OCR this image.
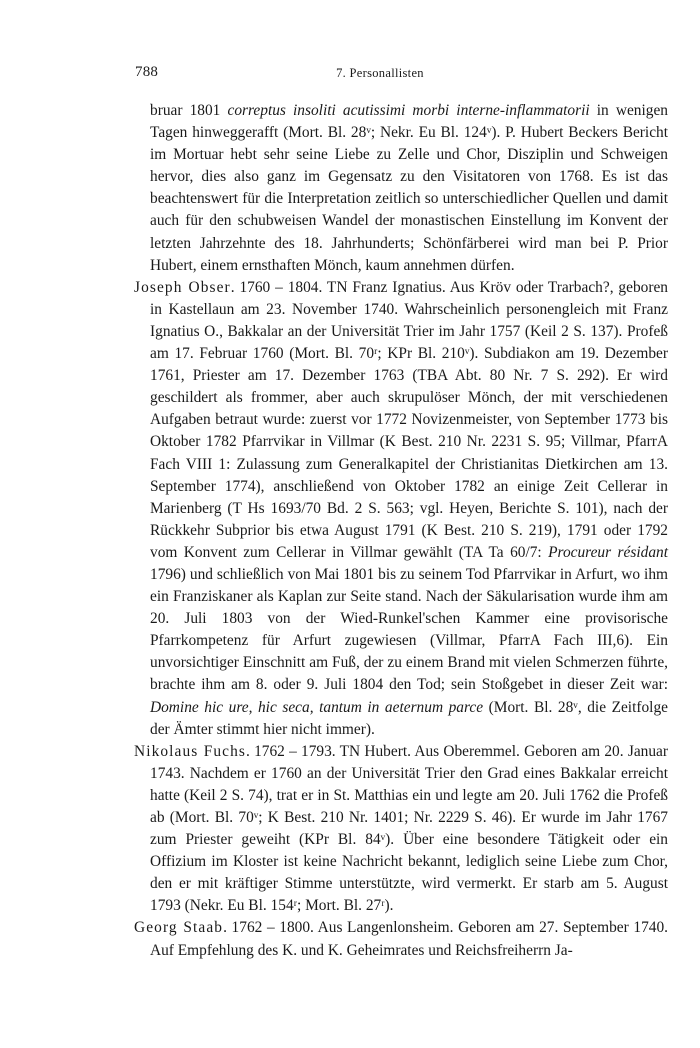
788	7. Personallisten

bruar 1801 correptus insoliti acutissimi morbi interne-inflammatorii in wenigen Tagen hinweggerafft (Mort. Bl. 28ᵛ; Nekr. Eu Bl. 124ᵛ). P. Hubert Beckers Bericht im Mortuar hebt sehr seine Liebe zu Zelle und Chor, Disziplin und Schweigen hervor, dies also ganz im Gegensatz zu den Visitatoren von 1768. Es ist das beachtenswert für die Interpretation zeitlich so unterschiedlicher Quellen und damit auch für den schubweisen Wandel der monastischen Einstellung im Konvent der letzten Jahrzehnte des 18. Jahrhunderts; Schönfärberei wird man bei P. Prior Hubert, einem ernsthaften Mönch, kaum annehmen dürfen.

Joseph Obser. 1760 – 1804. TN Franz Ignatius. Aus Kröv oder Trarbach?, geboren in Kastellaun am 23. November 1740. Wahrscheinlich personengleich mit Franz Ignatius O., Bakkalar an der Universität Trier im Jahr 1757 (Keil 2 S. 137). Profeß am 17. Februar 1760 (Mort. Bl. 70ʳ; KPr Bl. 210ᵛ). Subdiakon am 19. Dezember 1761, Priester am 17. Dezember 1763 (TBA Abt. 80 Nr. 7 S. 292). Er wird geschildert als frommer, aber auch skrupulöser Mönch, der mit verschiedenen Aufgaben betraut wurde: zuerst vor 1772 Novizenmeister, von September 1773 bis Oktober 1782 Pfarrvikar in Villmar (K Best. 210 Nr. 2231 S. 95; Villmar, PfarrA Fach VIII 1: Zulassung zum Generalkapitel der Christianitas Dietkirchen am 13. September 1774), anschließend von Oktober 1782 an einige Zeit Cellerar in Marienberg (T Hs 1693/70 Bd. 2 S. 563; vgl. Heyen, Berichte S. 101), nach der Rückkehr Subprior bis etwa August 1791 (K Best. 210 S. 219), 1791 oder 1792 vom Konvent zum Cellerar in Villmar gewählt (TA Ta 60/7: Procureur résidant 1796) und schließlich von Mai 1801 bis zu seinem Tod Pfarrvikar in Arfurt, wo ihm ein Franziskaner als Kaplan zur Seite stand. Nach der Säkularisation wurde ihm am 20. Juli 1803 von der Wied-Runkel'schen Kammer eine provisorische Pfarrkompetenz für Arfurt zugewiesen (Villmar, PfarrA Fach III,6). Ein unvorsichtiger Einschnitt am Fuß, der zu einem Brand mit vielen Schmerzen führte, brachte ihm am 8. oder 9. Juli 1804 den Tod; sein Stoßgebet in dieser Zeit war: Domine hic ure, hic seca, tantum in aeternum parce (Mort. Bl. 28ᵛ, die Zeitfolge der Ämter stimmt hier nicht immer).

Nikolaus Fuchs. 1762 – 1793. TN Hubert. Aus Oberemmel. Geboren am 20. Januar 1743. Nachdem er 1760 an der Universität Trier den Grad eines Bakkalar erreicht hatte (Keil 2 S. 74), trat er in St. Matthias ein und legte am 20. Juli 1762 die Profeß ab (Mort. Bl. 70ᵛ; K Best. 210 Nr. 1401; Nr. 2229 S. 46). Er wurde im Jahr 1767 zum Priester geweiht (KPr Bl. 84ᵛ). Über eine besondere Tätigkeit oder ein Offizium im Kloster ist keine Nachricht bekannt, lediglich seine Liebe zum Chor, den er mit kräftiger Stimme unterstützte, wird vermerkt. Er starb am 5. August 1793 (Nekr. Eu Bl. 154ʳ; Mort. Bl. 27ʳ).

Georg Staab. 1762 – 1800. Aus Langenlonsheim. Geboren am 27. September 1740. Auf Empfehlung des K. und K. Geheimrates und Reichsfreiherrn Ja-
